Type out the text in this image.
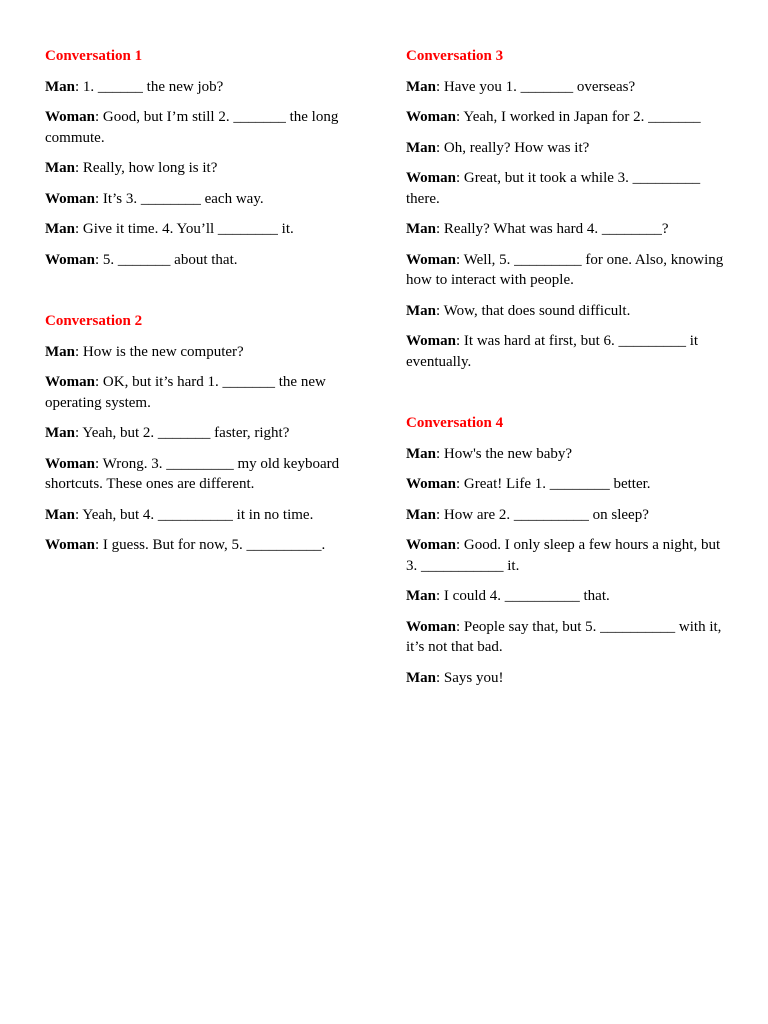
Conversation 1
Man: 1. ______ the new job?
Woman: Good, but I’m still 2. _______ the long commute.
Man: Really, how long is it?
Woman: It’s 3. ________ each way.
Man: Give it time. 4. You’ll ________ it.
Woman: 5. _______ about that.
Conversation 2
Man: How is the new computer?
Woman: OK, but it’s hard 1. _______ the new operating system.
Man: Yeah, but 2. _______ faster, right?
Woman: Wrong. 3. _________ my old keyboard shortcuts. These ones are different.
Man: Yeah, but 4. __________ it in no time.
Woman: I guess. But for now, 5. __________.
Conversation 3
Man: Have you 1. _______ overseas?
Woman: Yeah, I worked in Japan for 2. _______
Man: Oh, really? How was it?
Woman: Great, but it took a while 3. _________ there.
Man: Really? What was hard 4. ________?
Woman: Well, 5. _________ for one. Also, knowing how to interact with people.
Man: Wow, that does sound difficult.
Woman: It was hard at first, but 6. _________ it eventually.
Conversation 4
Man: How's the new baby?
Woman: Great! Life 1. ________ better.
Man: How are 2. __________ on sleep?
Woman: Good. I only sleep a few hours a night, but 3. ___________ it.
Man: I could 4. __________ that.
Woman: People say that, but 5. __________ with it, it’s not that bad.
Man: Says you!
